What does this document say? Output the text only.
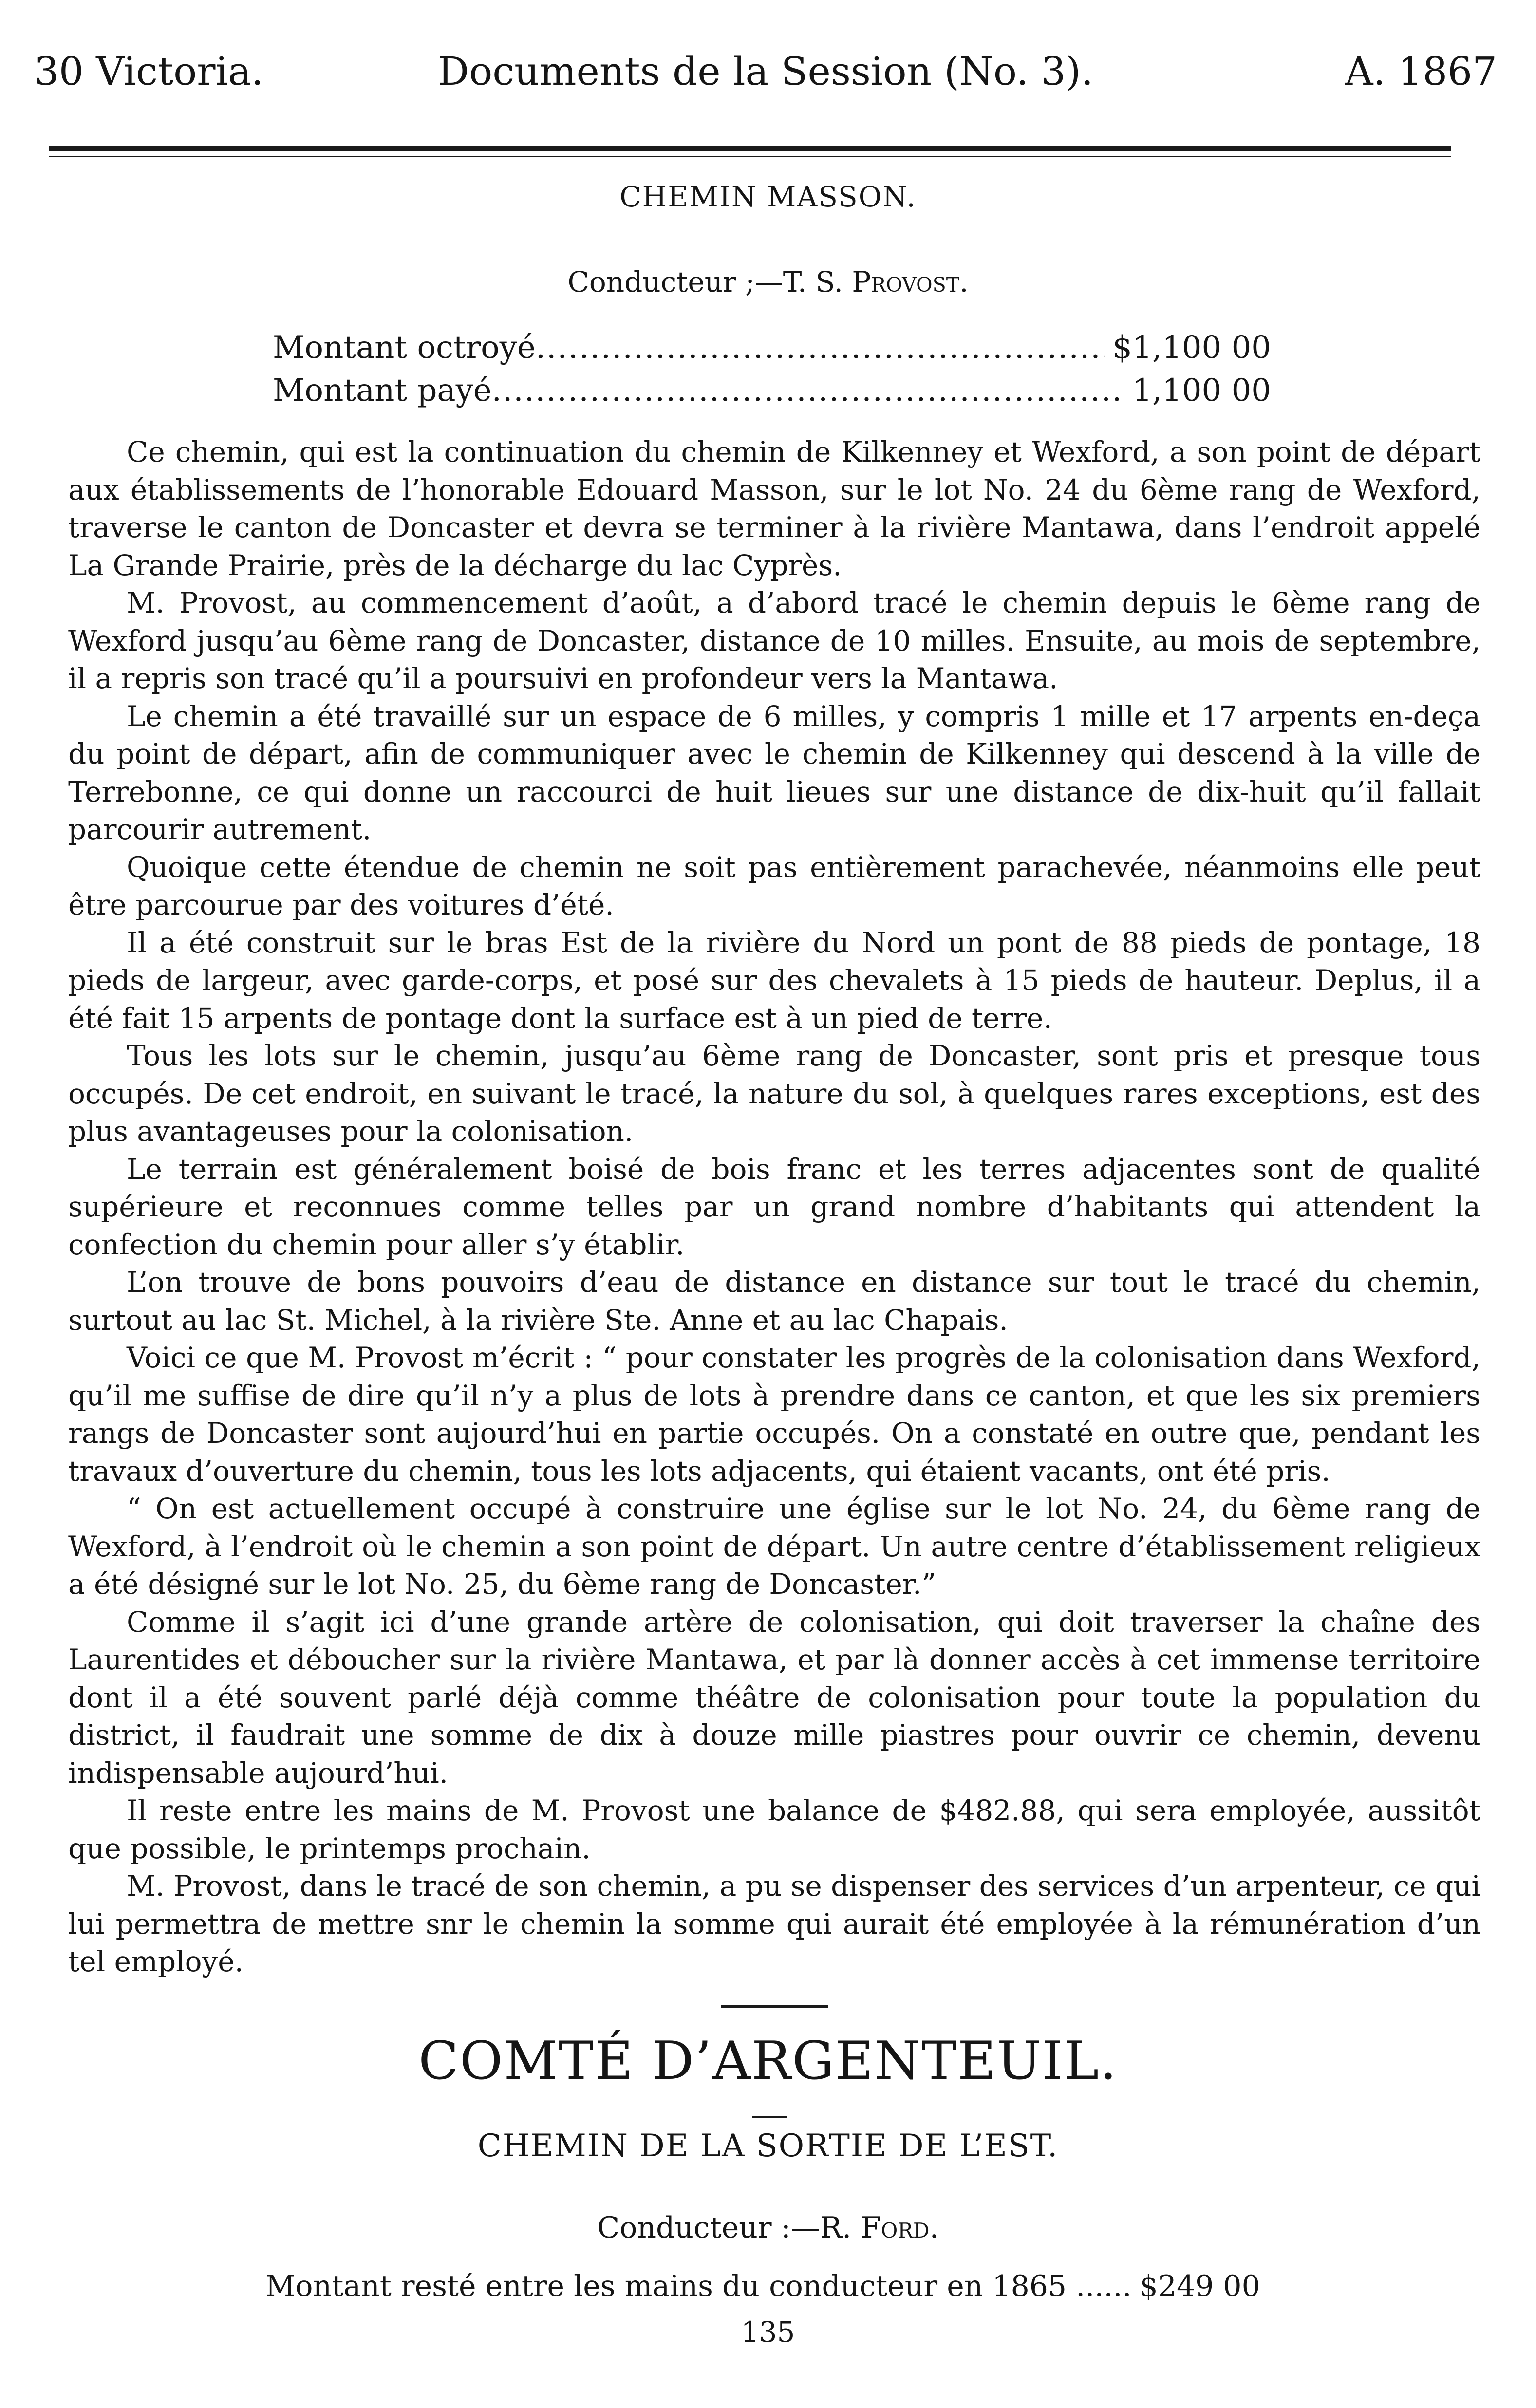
30 Victoria.	Documents de la Session (No. 3).	A. 1867
CHEMIN MASSON.
Conducteur ;—T. S. Provost.
Montant octroyé .....	$1,100 00
Montant payé .....	1,100 00

Ce chemin, qui est la continuation du chemin de Kilkenney et Wexford, a son point de départ aux établissements de l’honorable Edouard Masson, sur le lot No. 24 du 6ème rang de Wexford, traverse le canton de Doncaster et devra se terminer à la rivière Mantawa, dans l’endroit appelé La Grande Prairie, près de la décharge du lac Cyprès.

M. Provost, au commencement d’août, a d’abord tracé le chemin depuis le 6ème rang de Wexford jusqu’au 6ème rang de Doncaster, distance de 10 milles. Ensuite, au mois de septembre, il a repris son tracé qu’il a poursuivi en profondeur vers la Mantawa.

Le chemin a été travaillé sur un espace de 6 milles, y compris 1 mille et 17 arpents en-deça du point de départ, afin de communiquer avec le chemin de Kilkenney qui descend à la ville de Terrebonne, ce qui donne un raccourci de huit lieues sur une distance de dix-huit qu’il fallait parcourir autrement.

Quoique cette étendue de chemin ne soit pas entièrement parachevée, néanmoins elle peut être parcourue par des voitures d’été.

Il a été construit sur le bras Est de la rivière du Nord un pont de 88 pieds de pontage, 18 pieds de largeur, avec garde-corps, et posé sur des chevalets à 15 pieds de hauteur. Deplus, il a été fait 15 arpents de pontage dont la surface est à un pied de terre.

Tous les lots sur le chemin, jusqu’au 6ème rang de Doncaster, sont pris et presque tous occupés. De cet endroit, en suivant le tracé, la nature du sol, à quelques rares exceptions, est des plus avantageuses pour la colonisation.

Le terrain est généralement boisé de bois franc et les terres adjacentes sont de qualité supérieure et reconnues comme telles par un grand nombre d’habitants qui attendent la confection du chemin pour aller s’y établir.

L’on trouve de bons pouvoirs d’eau de distance en distance sur tout le tracé du chemin, surtout au lac St. Michel, à la rivière Ste. Anne et au lac Chapais.

Voici ce que M. Provost m’écrit : “ pour constater les progrès de la colonisation dans Wexford, qu’il me suffise de dire qu’il n’y a plus de lots à prendre dans ce canton, et que les six premiers rangs de Doncaster sont aujourd’hui en partie occupés. On a constaté en outre que, pendant les travaux d’ouverture du chemin, tous les lots adjacents, qui étaient vacants, ont été pris.

“ On est actuellement occupé à construire une église sur le lot No. 24, du 6ème rang de Wexford, à l’endroit où le chemin a son point de départ. Un autre centre d’établissement religieux a été désigné sur le lot No. 25, du 6ème rang de Doncaster.”

Comme il s’agit ici d’une grande artère de colonisation, qui doit traverser la chaîne des Laurentides et déboucher sur la rivière Mantawa, et par là donner accès à cet immense territoire dont il a été souvent parlé déjà comme théâtre de colonisation pour toute la population du district, il faudrait une somme de dix à douze mille piastres pour ouvrir ce chemin, devenu indispensable aujourd’hui.

Il reste entre les mains de M. Provost une balance de $482.88, qui sera employée, aussitôt que possible, le printemps prochain.

M. Provost, dans le tracé de son chemin, a pu se dispenser des services d’un arpenteur, ce qui lui permettra de mettre snr le chemin la somme qui aurait été employée à la rémunération d’un tel employé.

COMTÉ D’ARGENTEUIL.
CHEMIN DE LA SORTIE DE L’EST.
Conducteur :—R. Ford.
Montant resté entre les mains du conducteur en 1865 ...... $249 00
135
